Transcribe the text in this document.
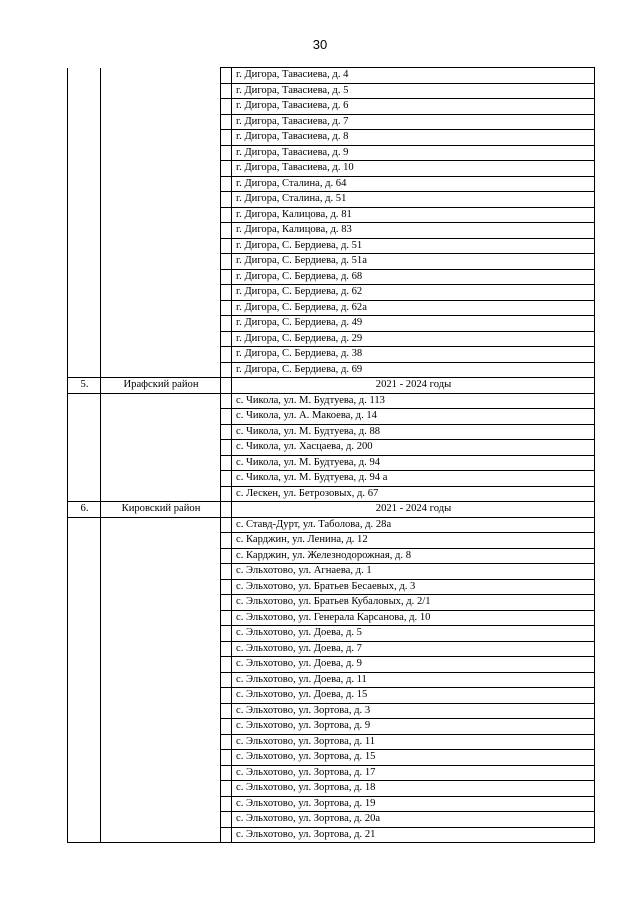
30
			г. Дигора, Тавасиева, д. 4
			г. Дигора, Тавасиева, д. 5
			г. Дигора, Тавасиева, д. 6
			г. Дигора, Тавасиева, д. 7
			г. Дигора, Тавасиева, д. 8
			г. Дигора, Тавасиева, д. 9
			г. Дигора, Тавасиева, д. 10
			г. Дигора, Сталина, д. 64
			г. Дигора, Сталина, д. 51
			г. Дигора, Калицова, д. 81
			г. Дигора, Калицова, д. 83
			г. Дигора, С. Бердиева, д. 51
			г. Дигора, С. Бердиева, д. 51а
			г. Дигора, С. Бердиева, д. 68
			г. Дигора, С. Бердиева, д. 62
			г. Дигора, С. Бердиева, д. 62а
			г. Дигора, С. Бердиева, д. 49
			г. Дигора, С. Бердиева, д. 29
			г. Дигора, С. Бердиева, д. 38
			г. Дигора, С. Бердиева, д. 69
5.	Ирафский район		2021 - 2024 годы
			с. Чикола, ул. М. Будтуева, д. 113
			с. Чикола, ул. А. Макоева, д. 14
			с. Чикола, ул. М. Будтуева, д. 88
			с. Чикола, ул. Хасцаева, д. 200
			с. Чикола, ул. М. Будтуева, д. 94
			с. Чикола, ул. М. Будтуева, д. 94 а
			с. Лескен, ул. Бетрозовых, д. 67
6.	Кировский район		2021 - 2024 годы
			с. Ставд-Дурт, ул. Таболова, д. 28а
			с. Карджин, ул. Ленина, д. 12
			с. Карджин, ул. Железнодорожная, д. 8
			с. Эльхотово, ул. Агнаева, д. 1
			с. Эльхотово, ул. Братьев Бесаевых, д. 3
			с. Эльхотово, ул. Братьев Кубаловых, д. 2/1
			с. Эльхотово, ул. Генерала Карсанова, д. 10
			с. Эльхотово, ул. Доева, д. 5
			с. Эльхотово, ул. Доева, д. 7
			с. Эльхотово, ул. Доева, д. 9
			с. Эльхотово, ул. Доева, д. 11
			с. Эльхотово, ул. Доева, д. 15
			с. Эльхотово, ул. Зортова, д. 3
			с. Эльхотово, ул. Зортова, д. 9
			с. Эльхотово, ул. Зортова, д. 11
			с. Эльхотово, ул. Зортова, д. 15
			с. Эльхотово, ул. Зортова, д. 17
			с. Эльхотово, ул. Зортова, д. 18
			с. Эльхотово, ул. Зортова, д. 19
			с. Эльхотово, ул. Зортова, д. 20а
			с. Эльхотово, ул. Зортова, д. 21
